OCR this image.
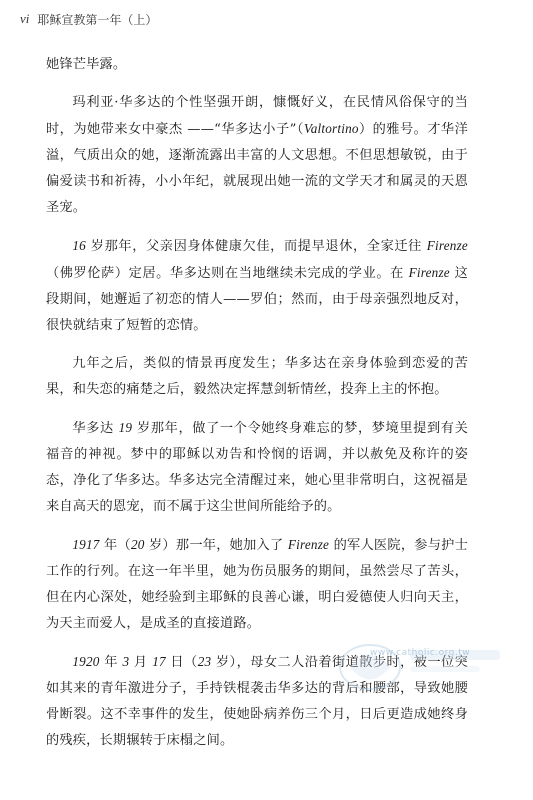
vi 耶稣宣教第一年（上）

她锋芒毕露。

玛利亚·华多达的个性坚强开朗，慷慨好义，在民情风俗保守的当时，为她带来女中豪杰 ——“华多达小子”（Valtortino）的雅号。才华洋溢，气质出众的她，逐渐流露出丰富的人文思想。不但思想敏锐，由于偏爱读书和祈祷，小小年纪，就展现出她一流的文学天才和属灵的天恩圣宠。

16 岁那年，父亲因身体健康欠佳，而提早退休，全家迁往 Firenze（佛罗伦萨）定居。华多达则在当地继续未完成的学业。在 Firenze 这段期间，她邂逅了初恋的情人——罗伯；然而，由于母亲强烈地反对，很快就结束了短暂的恋情。

九年之后，类似的情景再度发生；华多达在亲身体验到恋爱的苦果，和失恋的痛楚之后，毅然决定挥慧剑斩情丝，投奔上主的怀抱。

华多达 19 岁那年，做了一个令她终身难忘的梦，梦境里提到有关福音的神视。梦中的耶稣以劝告和怜悯的语调，并以赦免及称许的姿态，净化了华多达。华多达完全清醒过来，她心里非常明白，这祝福是来自高天的恩宠，而不属于这尘世间所能给予的。

1917 年（20 岁）那一年，她加入了 Firenze 的军人医院，参与护士工作的行列。在这一年半里，她为伤员服务的期间，虽然尝尽了苦头，但在内心深处，她经验到主耶稣的良善心谦，明白爱德使人归向天主，为天主而爱人，是成圣的直接道路。

1920 年 3 月 17 日（23 岁），母女二人沿着街道散步时，被一位突如其来的青年激进分子，手持铁棍袭击华多达的背后和腰部，导致她腰骨断裂。这不幸事件的发生，使她卧病养伤三个月，日后更造成她终身的残疾，长期辗转于床榻之间。

www.catholic.org.tw
